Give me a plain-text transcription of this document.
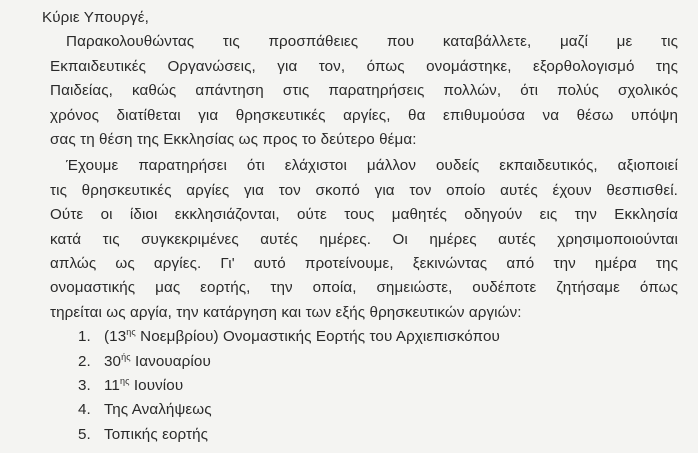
Κύριε Υπουργέ,
Παρακολουθώντας τις προσπάθειες που καταβάλλετε, μαζί με τις
Εκπαιδευτικές Οργανώσεις, για τον, όπως ονομάστηκε, εξορθολογισμό της
Παιδείας, καθώς απάντηση στις παρατηρήσεις πολλών, ότι πολύς σχολικός
χρόνος διατίθεται για θρησκευτικές αργίες, θα επιθυμούσα να θέσω υπόψη
σας τη θέση της Εκκλησίας ως προς το δεύτερο θέμα:
Έχουμε παρατηρήσει ότι ελάχιστοι μάλλον ουδείς εκπαιδευτικός, αξιοποιεί
τις θρησκευτικές αργίες για τον σκοπό για τον οποίο αυτές έχουν θεσπισθεί.
Ούτε οι ίδιοι εκκλησιάζονται, ούτε τους μαθητές οδηγούν εις την Εκκλησία
κατά τις συγκεκριμένες αυτές ημέρες. Οι ημέρες αυτές χρησιμοποιούνται
απλώς ως αργίες. Γι' αυτό προτείνουμε, ξεκινώντας από την ημέρα της
ονομαστικής μας εορτής, την οποία, σημειώστε, ουδέποτε ζητήσαμε όπως
τηρείται ως αργία, την κατάργηση και των εξής θρησκευτικών αργιών:
1. ($13^{\eta\varsigma}$ Νοεμβρίου) Ονομαστικής Εορτής του Αρχιεπισκόπου
2. $30^{ή\varsigma}$ Ιανουαρίου
3. $11^{\eta\varsigma}$ Ιουνίου
4. Της Αναλήψεως
5. Τοπικής εορτής
